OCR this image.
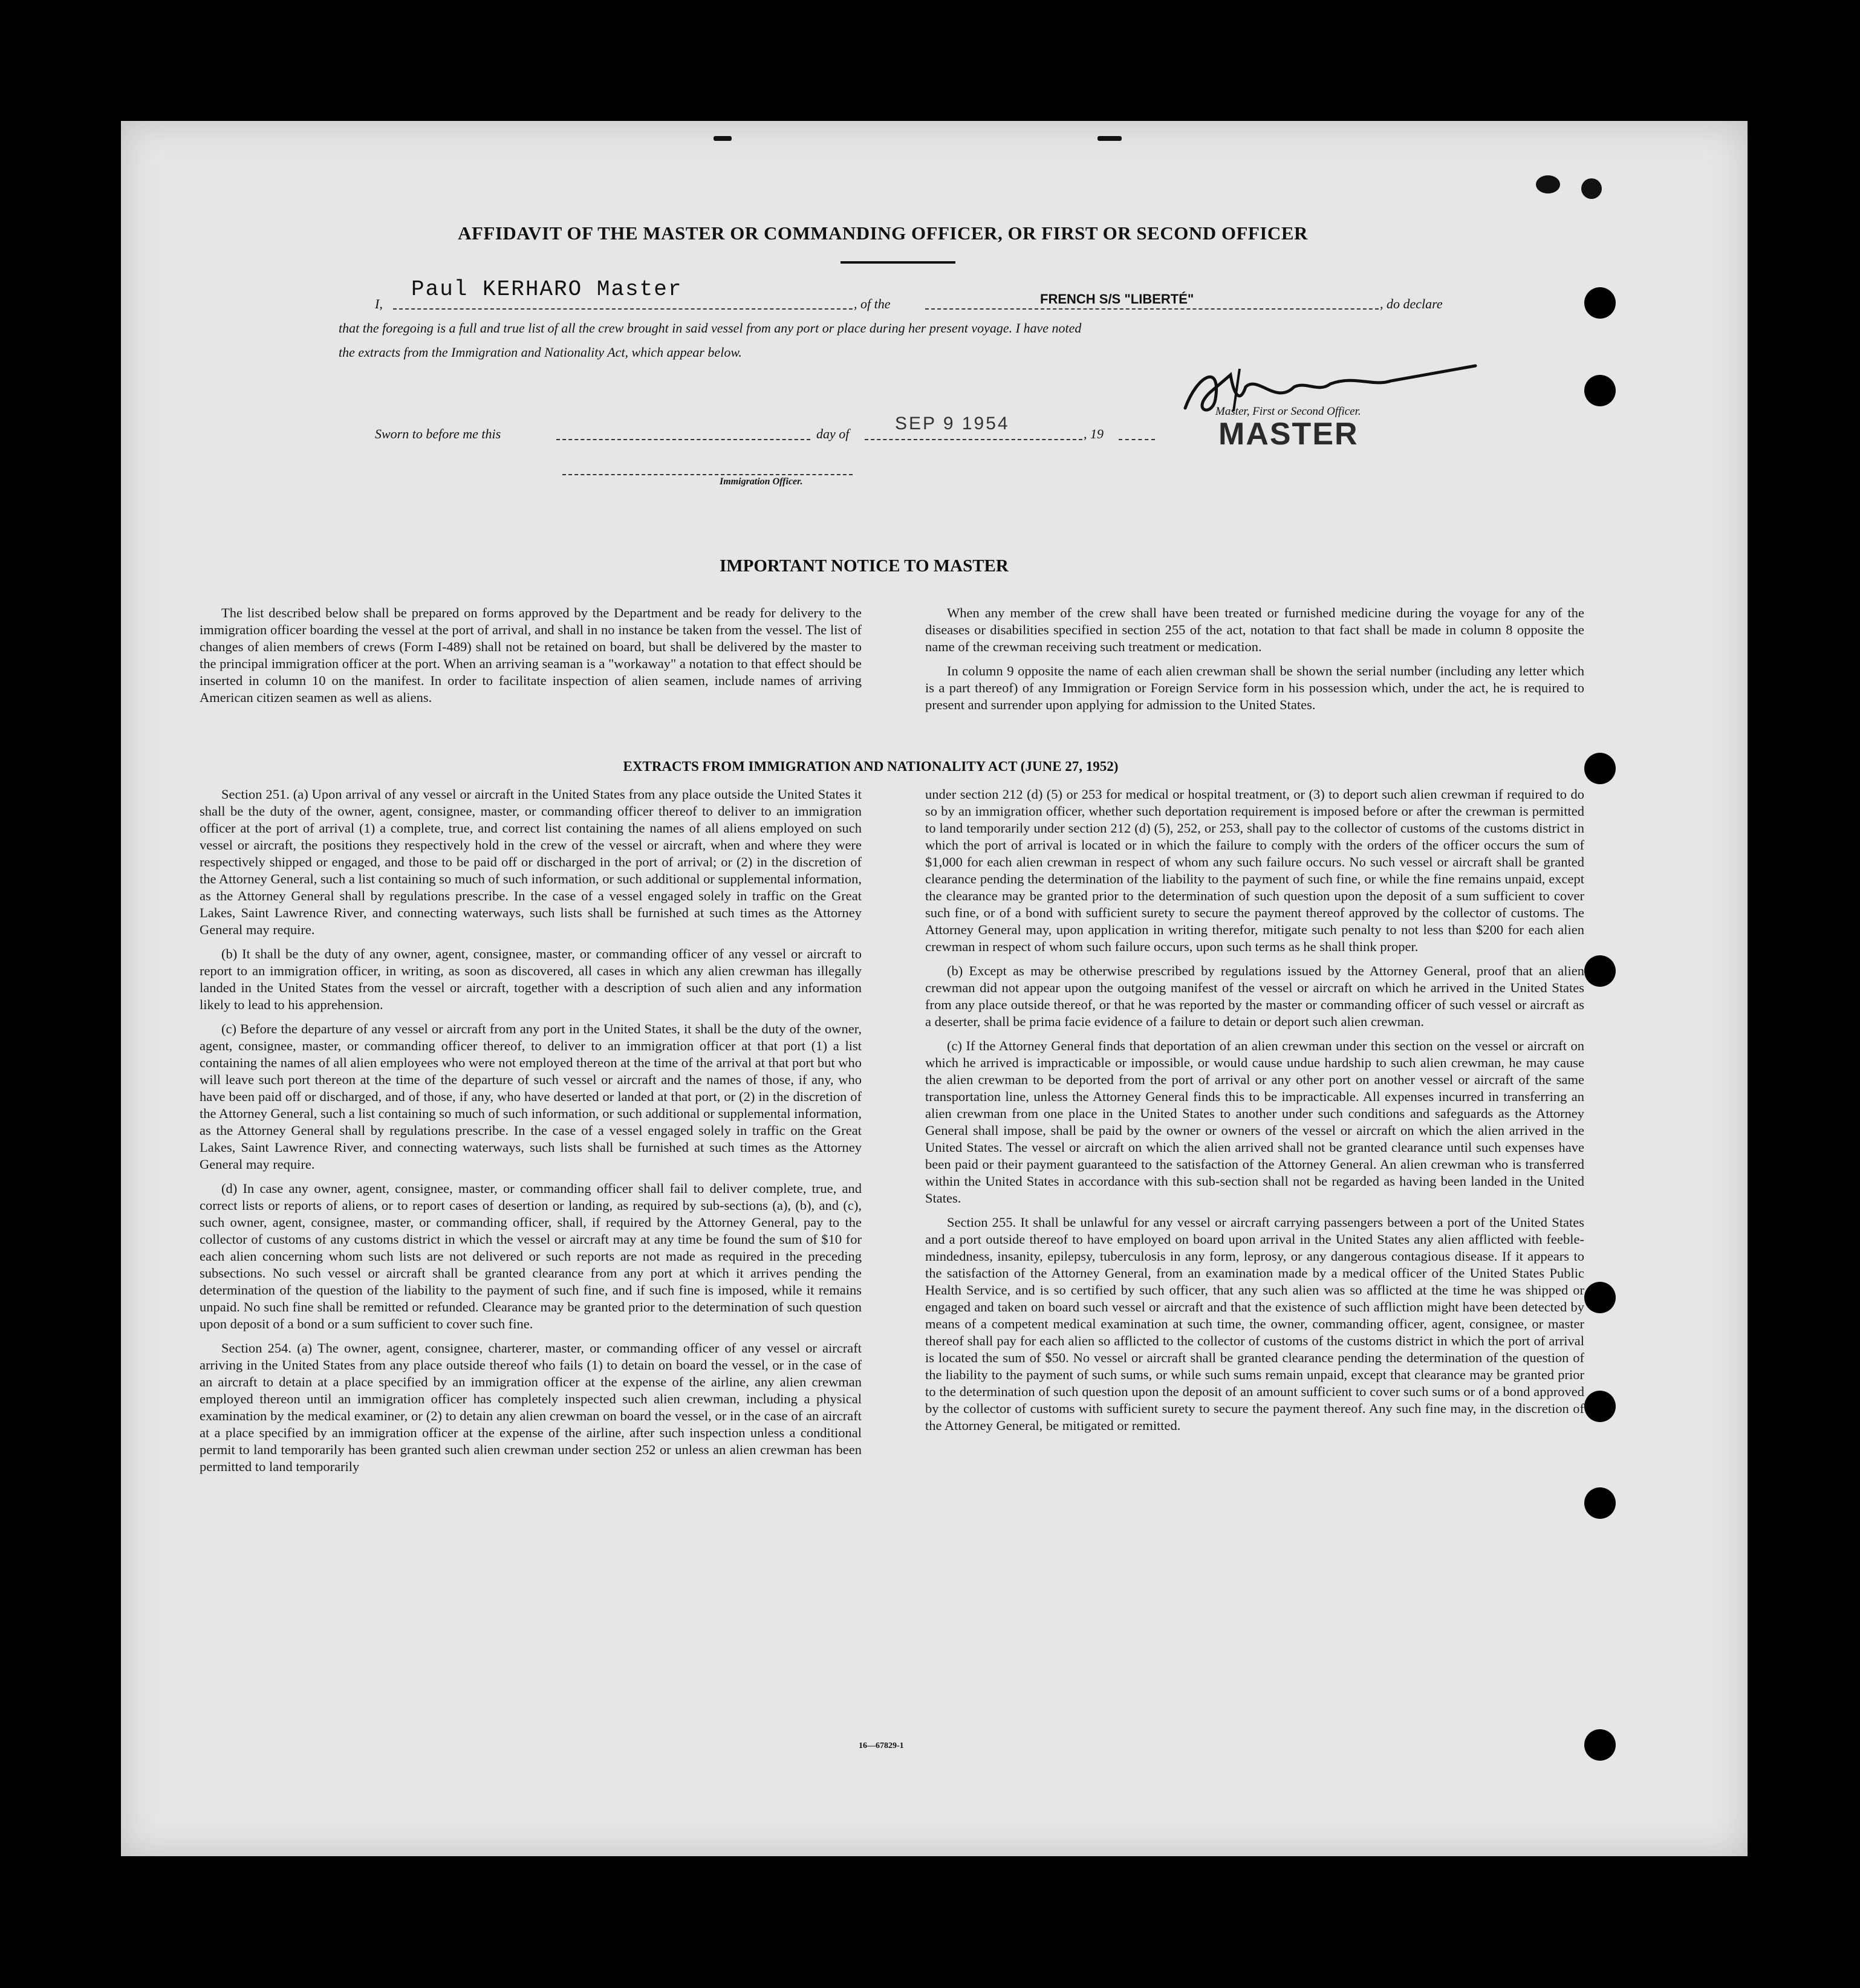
AFFIDAVIT OF THE MASTER OR COMMANDING OFFICER, OR FIRST OR SECOND OFFICER
I,
Paul KERHARO Master
, of the	FRENCH S/S "LIBERTÉ"	, do declare
that the foregoing is a full and true list of all the crew brought in said vessel from any port or place during her present voyage. I have noted
the extracts from the Immigration and Nationality Act, which appear below.
Master, First or Second Officer.
MASTER
Sworn to before me this	day of
SEP 9 1954
, 19
Immigration Officer.
IMPORTANT NOTICE TO MASTER

The list described below shall be prepared on forms approved by the Department and be ready for delivery to the immigration officer boarding the vessel at the port of arrival, and shall in no instance be taken from the vessel. The list of changes of alien members of crews (Form I-489) shall not be retained on board, but shall be delivered by the master to the principal immigration officer at the port. When an arriving seaman is a "workaway" a notation to that effect should be inserted in column 10 on the manifest. In order to facilitate inspection of alien seamen, include names of arriving American citizen seamen as well as aliens.

When any member of the crew shall have been treated or furnished medicine during the voyage for any of the diseases or disabilities specified in section 255 of the act, notation to that fact shall be made in column 8 opposite the name of the crewman receiving such treatment or medication.

In column 9 opposite the name of each alien crewman shall be shown the serial number (including any letter which is a part thereof) of any Immigration or Foreign Service form in his possession which, under the act, he is required to present and surrender upon applying for admission to the United States.

EXTRACTS FROM IMMIGRATION AND NATIONALITY ACT (JUNE 27, 1952)

Section 251. (a) Upon arrival of any vessel or aircraft in the United States from any place outside the United States it shall be the duty of the owner, agent, consignee, master, or commanding officer thereof to deliver to an immigration officer at the port of arrival (1) a complete, true, and correct list containing the names of all aliens employed on such vessel or aircraft, the positions they respectively hold in the crew of the vessel or aircraft, when and where they were respectively shipped or engaged, and those to be paid off or discharged in the port of arrival; or (2) in the discretion of the Attorney General, such a list containing so much of such information, or such additional or supplemental information, as the Attorney General shall by regulations prescribe. In the case of a vessel engaged solely in traffic on the Great Lakes, Saint Lawrence River, and connecting waterways, such lists shall be furnished at such times as the Attorney General may require.

(b) It shall be the duty of any owner, agent, consignee, master, or commanding officer of any vessel or aircraft to report to an immigration officer, in writing, as soon as discovered, all cases in which any alien crewman has illegally landed in the United States from the vessel or aircraft, together with a description of such alien and any information likely to lead to his apprehension.

(c) Before the departure of any vessel or aircraft from any port in the United States, it shall be the duty of the owner, agent, consignee, master, or commanding officer thereof, to deliver to an immigration officer at that port (1) a list containing the names of all alien employees who were not employed thereon at the time of the arrival at that port but who will leave such port thereon at the time of the departure of such vessel or aircraft and the names of those, if any, who have been paid off or discharged, and of those, if any, who have deserted or landed at that port, or (2) in the discretion of the Attorney General, such a list containing so much of such information, or such additional or supplemental information, as the Attorney General shall by regulations prescribe. In the case of a vessel engaged solely in traffic on the Great Lakes, Saint Lawrence River, and connecting waterways, such lists shall be furnished at such times as the Attorney General may require.

(d) In case any owner, agent, consignee, master, or commanding officer shall fail to deliver complete, true, and correct lists or reports of aliens, or to report cases of desertion or landing, as required by sub-sections (a), (b), and (c), such owner, agent, consignee, master, or commanding officer, shall, if required by the Attorney General, pay to the collector of customs of any customs district in which the vessel or aircraft may at any time be found the sum of $10 for each alien concerning whom such lists are not delivered or such reports are not made as required in the preceding subsections. No such vessel or aircraft shall be granted clearance from any port at which it arrives pending the determination of the question of the liability to the payment of such fine, and if such fine is imposed, while it remains unpaid. No such fine shall be remitted or refunded. Clearance may be granted prior to the determination of such question upon deposit of a bond or a sum sufficient to cover such fine.

Section 254. (a) The owner, agent, consignee, charterer, master, or commanding officer of any vessel or aircraft arriving in the United States from any place outside thereof who fails (1) to detain on board the vessel, or in the case of an aircraft to detain at a place specified by an immigration officer at the expense of the airline, any alien crewman employed thereon until an immigration officer has completely inspected such alien crewman, including a physical examination by the medical examiner, or (2) to detain any alien crewman on board the vessel, or in the case of an aircraft at a place specified by an immigration officer at the expense of the airline, after such inspection unless a conditional permit to land temporarily has been granted such alien crewman under section 252 or unless an alien crewman has been permitted to land temporarily

under section 212 (d) (5) or 253 for medical or hospital treatment, or (3) to deport such alien crewman if required to do so by an immigration officer, whether such deportation requirement is imposed before or after the crewman is permitted to land temporarily under section 212 (d) (5), 252, or 253, shall pay to the collector of customs of the customs district in which the port of arrival is located or in which the failure to comply with the orders of the officer occurs the sum of $1,000 for each alien crewman in respect of whom any such failure occurs. No such vessel or aircraft shall be granted clearance pending the determination of the liability to the payment of such fine, or while the fine remains unpaid, except the clearance may be granted prior to the determination of such question upon the deposit of a sum sufficient to cover such fine, or of a bond with sufficient surety to secure the payment thereof approved by the collector of customs. The Attorney General may, upon application in writing therefor, mitigate such penalty to not less than $200 for each alien crewman in respect of whom such failure occurs, upon such terms as he shall think proper.

(b) Except as may be otherwise prescribed by regulations issued by the Attorney General, proof that an alien crewman did not appear upon the outgoing manifest of the vessel or aircraft on which he arrived in the United States from any place outside thereof, or that he was reported by the master or commanding officer of such vessel or aircraft as a deserter, shall be prima facie evidence of a failure to detain or deport such alien crewman.

(c) If the Attorney General finds that deportation of an alien crewman under this section on the vessel or aircraft on which he arrived is impracticable or impossible, or would cause undue hardship to such alien crewman, he may cause the alien crewman to be deported from the port of arrival or any other port on another vessel or aircraft of the same transportation line, unless the Attorney General finds this to be impracticable. All expenses incurred in transferring an alien crewman from one place in the United States to another under such conditions and safeguards as the Attorney General shall impose, shall be paid by the owner or owners of the vessel or aircraft on which the alien arrived in the United States. The vessel or aircraft on which the alien arrived shall not be granted clearance until such expenses have been paid or their payment guaranteed to the satisfaction of the Attorney General. An alien crewman who is transferred within the United States in accordance with this sub-section shall not be regarded as having been landed in the United States.

Section 255. It shall be unlawful for any vessel or aircraft carrying passengers between a port of the United States and a port outside thereof to have employed on board upon arrival in the United States any alien afflicted with feeble-mindedness, insanity, epilepsy, tuberculosis in any form, leprosy, or any dangerous contagious disease. If it appears to the satisfaction of the Attorney General, from an examination made by a medical officer of the United States Public Health Service, and is so certified by such officer, that any such alien was so afflicted at the time he was shipped or engaged and taken on board such vessel or aircraft and that the existence of such affliction might have been detected by means of a competent medical examination at such time, the owner, commanding officer, agent, consignee, or master thereof shall pay for each alien so afflicted to the collector of customs of the customs district in which the port of arrival is located the sum of $50. No vessel or aircraft shall be granted clearance pending the determination of the question of the liability to the payment of such sums, or while such sums remain unpaid, except that clearance may be granted prior to the determination of such question upon the deposit of an amount sufficient to cover such sums or of a bond approved by the collector of customs with sufficient surety to secure the payment thereof. Any such fine may, in the discretion of the Attorney General, be mitigated or remitted.

16—67829-1
